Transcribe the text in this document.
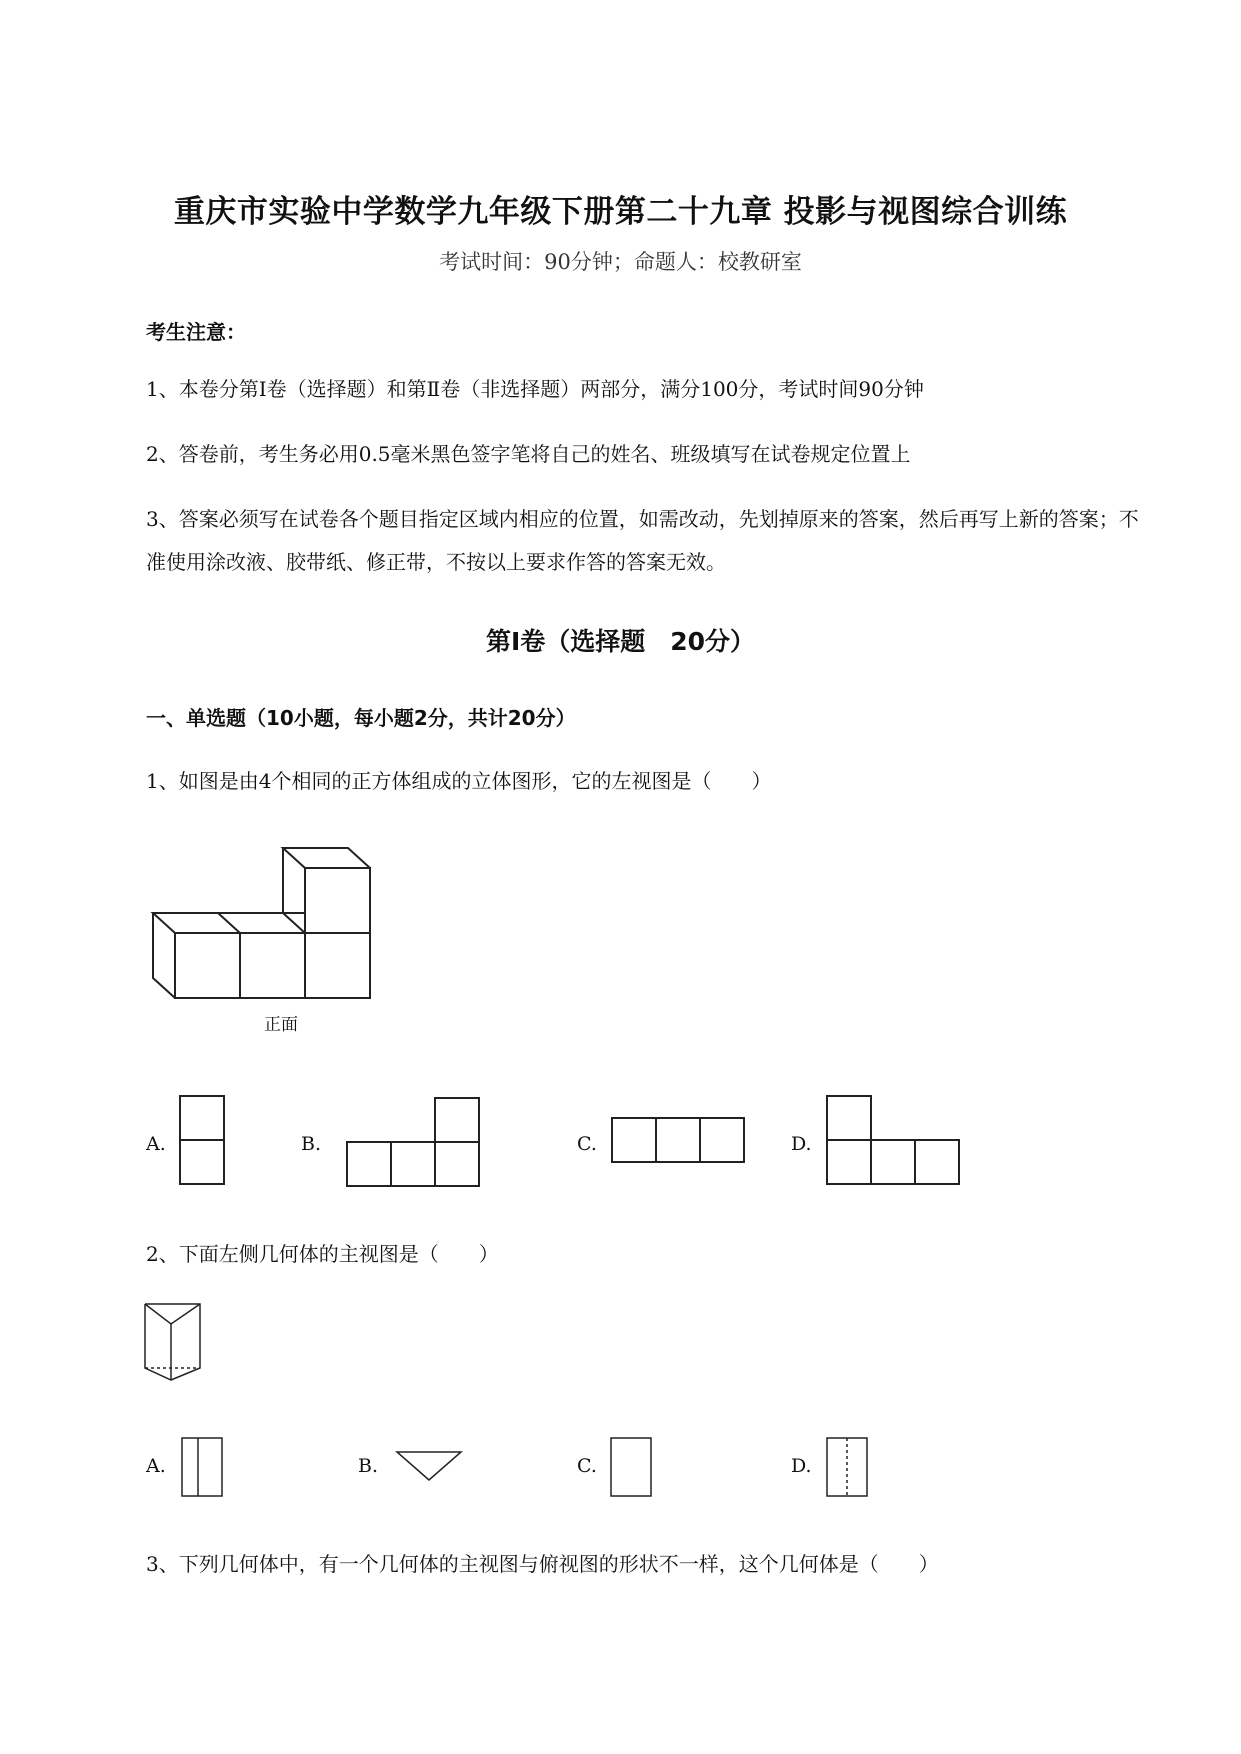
重庆市实验中学数学九年级下册第二十九章 投影与视图综合训练
考试时间：90分钟；命题人：校教研室
考生注意：
1、本卷分第I卷（选择题）和第Ⅱ卷（非选择题）两部分，满分100分，考试时间90分钟
2、答卷前，考生务必用0.5毫米黑色签字笔将自己的姓名、班级填写在试卷规定位置上
3、答案必须写在试卷各个题目指定区域内相应的位置，如需改动，先划掉原来的答案，然后再写上新的答案；不准使用涂改液、胶带纸、修正带，不按以上要求作答的答案无效。
第I卷（选择题　20分）
一、单选题（10小题，每小题2分，共计20分）
1、如图是由4个相同的正方体组成的立体图形，它的左视图是（　　）
正面
A.	B.	C.	D.
2、下面左侧几何体的主视图是（　　）
A.	B.	C.	D.
3、下列几何体中，有一个几何体的主视图与俯视图的形状不一样，这个几何体是（　　）
